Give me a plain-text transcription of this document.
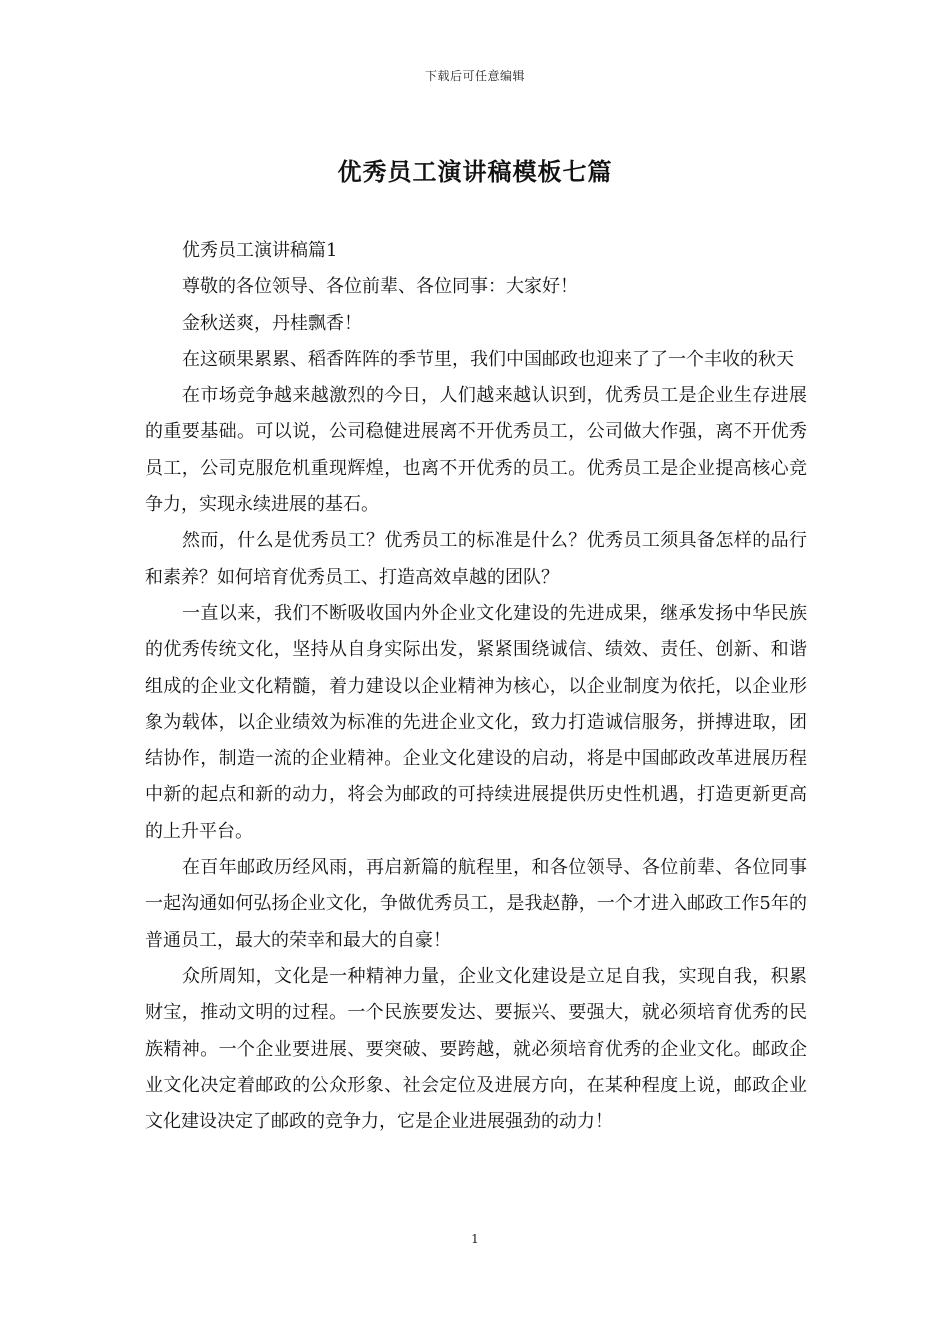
下载后可任意编辑
优秀员工演讲稿模板七篇

优秀员工演讲稿篇1

尊敬的各位领导、各位前辈、各位同事：大家好！

金秋送爽，丹桂飘香！

在这硕果累累、稻香阵阵的季节里，我们中国邮政也迎来了了一个丰收的秋天

在市场竞争越来越激烈的今日，人们越来越认识到，优秀员工是企业生存进展的重要基础。可以说，公司稳健进展离不开优秀员工，公司做大作强，离不开优秀员工，公司克服危机重现辉煌，也离不开优秀的员工。优秀员工是企业提高核心竞争力，实现永续进展的基石。

然而，什么是优秀员工？优秀员工的标准是什么？优秀员工须具备怎样的品行和素养？如何培育优秀员工、打造高效卓越的团队？

一直以来，我们不断吸收国内外企业文化建设的先进成果，继承发扬中华民族的优秀传统文化，坚持从自身实际出发，紧紧围绕诚信、绩效、责任、创新、和谐组成的企业文化精髓，着力建设以企业精神为核心，以企业制度为依托，以企业形象为载体，以企业绩效为标准的先进企业文化，致力打造诚信服务，拼搏进取，团结协作，制造一流的企业精神。企业文化建设的启动，将是中国邮政改革进展历程中新的起点和新的动力，将会为邮政的可持续进展提供历史性机遇，打造更新更高的上升平台。

在百年邮政历经风雨，再启新篇的航程里，和各位领导、各位前辈、各位同事一起沟通如何弘扬企业文化，争做优秀员工，是我赵静，一个才进入邮政工作5年的普通员工，最大的荣幸和最大的自豪！

众所周知，文化是一种精神力量，企业文化建设是立足自我，实现自我，积累财宝，推动文明的过程。一个民族要发达、要振兴、要强大，就必须培育优秀的民族精神。一个企业要进展、要突破、要跨越，就必须培育优秀的企业文化。邮政企业文化决定着邮政的公众形象、社会定位及进展方向，在某种程度上说，邮政企业文化建设决定了邮政的竞争力，它是企业进展强劲的动力！

1
